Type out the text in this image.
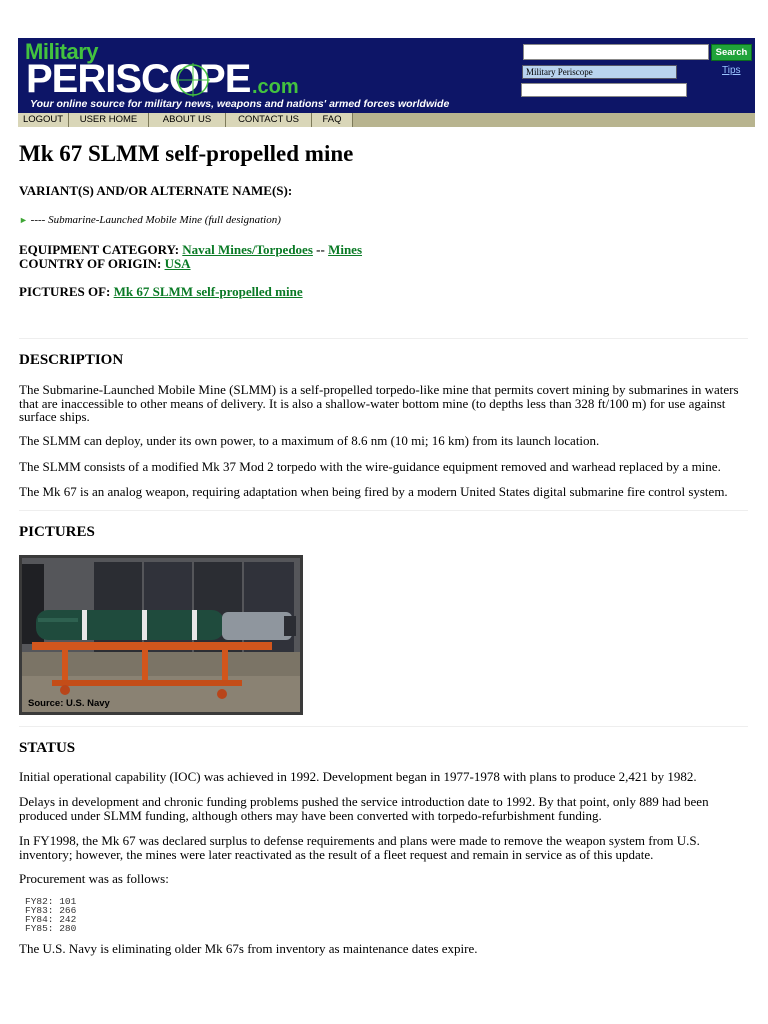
Military
PERISCOPE .com
Your online source for military news, weapons and nations' armed forces worldwide
Search
Military Periscope	Tips
LOGOUT	USER HOME	ABOUT US	CONTACT US	FAQ
Mk 67 SLMM self-propelled mine
VARIANT(S) AND/OR ALTERNATE NAME(S):
► ---- Submarine-Launched Mobile Mine (full designation)
EQUIPMENT CATEGORY: Naval Mines/Torpedoes -- Mines
COUNTRY OF ORIGIN: USA
PICTURES OF: Mk 67 SLMM self-propelled mine
DESCRIPTION

The Submarine-Launched Mobile Mine (SLMM) is a self-propelled torpedo-like mine that permits covert mining by submarines in waters that are inaccessible to other means of delivery. It is also a shallow-water bottom mine (to depths less than 328 ft/100 m) for use against surface ships.

The SLMM can deploy, under its own power, to a maximum of 8.6 nm (10 mi; 16 km) from its launch location.

The SLMM consists of a modified Mk 37 Mod 2 torpedo with the wire-guidance equipment removed and warhead replaced by a mine.

The Mk 67 is an analog weapon, requiring adaptation when being fired by a modern United States digital submarine fire control system.

PICTURES
Source: U.S. Navy
STATUS

Initial operational capability (IOC) was achieved in 1992. Development began in 1977-1978 with plans to produce 2,421 by 1982.

Delays in development and chronic funding problems pushed the service introduction date to 1992. By that point, only 889 had been produced under SLMM funding, although others may have been converted with torpedo-refurbishment funding.

In FY1998, the Mk 67 was declared surplus to defense requirements and plans were made to remove the weapon system from U.S. inventory; however, the mines were later reactivated as the result of a fleet request and remain in service as of this update.

Procurement was as follows:

FY82: 101
FY83: 266
FY84: 242
FY85: 280

The U.S. Navy is eliminating older Mk 67s from inventory as maintenance dates expire.
